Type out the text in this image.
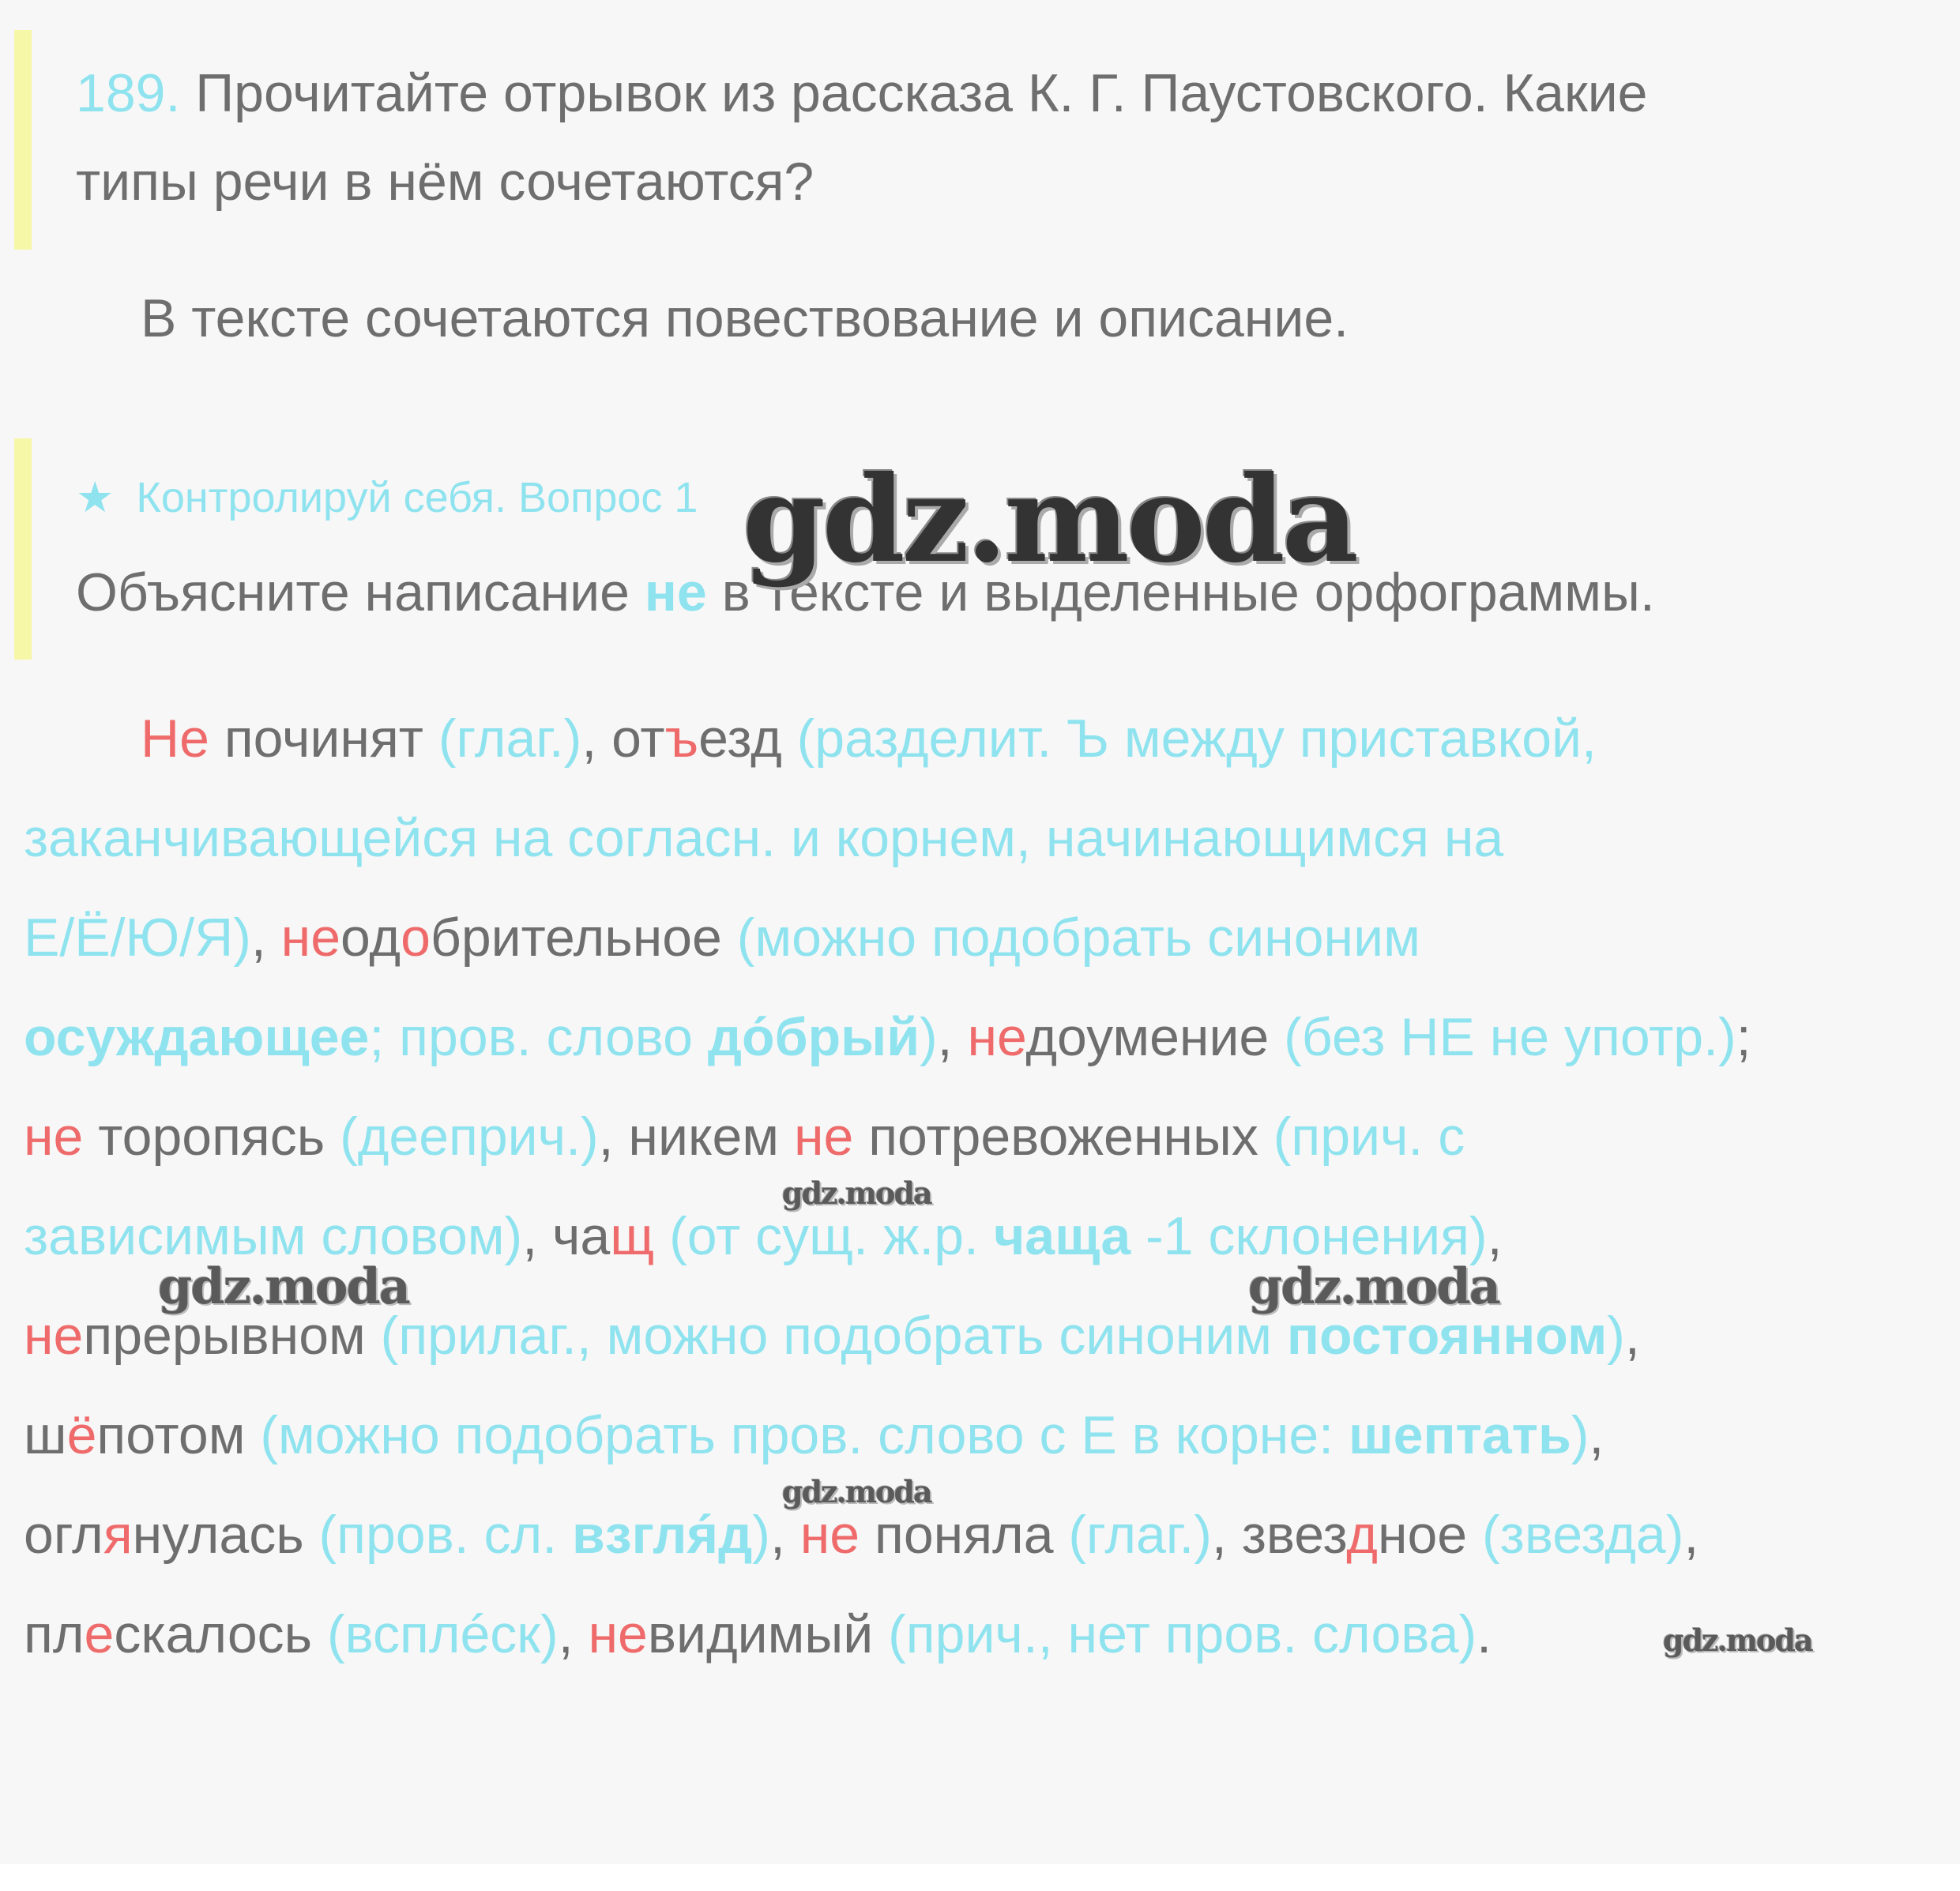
189. Прочитайте отрывок из рассказа К. Г. Паустовского. Какие
типы речи в нём сочетаются?
В тексте сочетаются повествование и описание.
★ Контролируй себя. Вопрос 1
Объясните написание не в тексте и выделенные орфограммы.
Не починят (глаг.), отъезд (разделит. Ъ между приставкой,
заканчивающейся на согласн. и корнем, начинающимся на
Е/Ё/Ю/Я), неодобрительное (можно подобрать синоним
осуждающее; пров. слово до́брый), недоумение (без НЕ не употр.);
не торопясь (дееприч.), никем не потревоженных (прич. с
зависимым словом), чащ (от сущ. ж.р. чаща -1 склонения),
непрерывном (прилаг., можно подобрать синоним постоянном),
шёпотом (можно подобрать пров. слово с Е в корне: шептать),
оглянулась (пров. сл. взгля́д), не поняла (глаг.), звездное (звезда),
плескалось (всплéск), невидимый (прич., нет пров. слова).
gdz.moda
gdz.moda
gdz.moda	gdz.moda
gdz.moda
gdz.moda
